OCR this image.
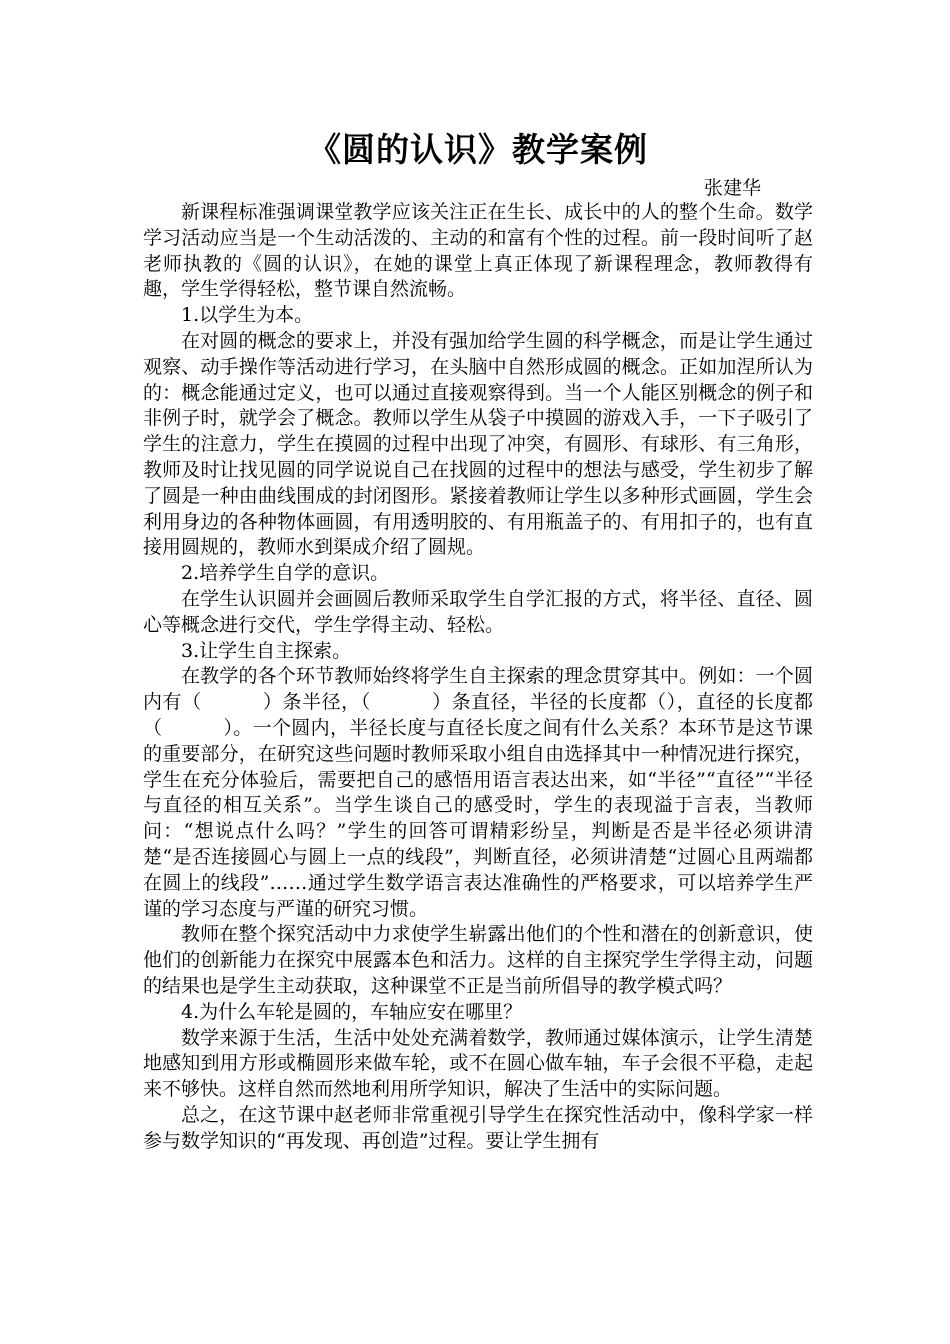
《圆的认识》教学案例

张建华

新课程标准强调课堂教学应该关注正在生长、成长中的人的整个生命。数学学习活动应当是一个生动活泼的、主动的和富有个性的过程。前一段时间听了赵老师执教的《圆的认识》，在她的课堂上真正体现了新课程理念，教师教得有趣，学生学得轻松，整节课自然流畅。

1.以学生为本。

在对圆的概念的要求上，并没有强加给学生圆的科学概念，而是让学生通过观察、动手操作等活动进行学习，在头脑中自然形成圆的概念。正如加涅所认为的：概念能通过定义，也可以通过直接观察得到。当一个人能区别概念的例子和非例子时，就学会了概念。教师以学生从袋子中摸圆的游戏入手，一下子吸引了学生的注意力，学生在摸圆的过程中出现了冲突，有圆形、有球形、有三角形，教师及时让找见圆的同学说说自己在找圆的过程中的想法与感受，学生初步了解了圆是一种由曲线围成的封闭图形。紧接着教师让学生以多种形式画圆，学生会利用身边的各种物体画圆，有用透明胶的、有用瓶盖子的、有用扣子的，也有直接用圆规的，教师水到渠成介绍了圆规。

2.培养学生自学的意识。

在学生认识圆并会画圆后教师采取学生自学汇报的方式，将半径、直径、圆心等概念进行交代，学生学得主动、轻松。

3.让学生自主探索。

在教学的各个环节教师始终将学生自主探索的理念贯穿其中。例如：一个圆内有（	）条半径，（	）条直径，半径的长度都（），直径的长度都（	）。一个圆内，半径长度与直径长度之间有什么关系？本环节是这节课的重要部分，在研究这些问题时教师采取小组自由选择其中一种情况进行探究，学生在充分体验后，需要把自己的感悟用语言表达出来，如“半径”“直径”“半径与直径的相互关系”。当学生谈自己的感受时，学生的表现溢于言表，当教师问：“想说点什么吗？”学生的回答可谓精彩纷呈，判断是否是半径必须讲清楚“是否连接圆心与圆上一点的线段”，判断直径，必须讲清楚“过圆心且两端都在圆上的线段”……通过学生数学语言表达准确性的严格要求，可以培养学生严谨的学习态度与严谨的研究习惯。

教师在整个探究活动中力求使学生崭露出他们的个性和潜在的创新意识，使他们的创新能力在探究中展露本色和活力。这样的自主探究学生学得主动，问题的结果也是学生主动获取，这种课堂不正是当前所倡导的教学模式吗？

4.为什么车轮是圆的，车轴应安在哪里？

数学来源于生活，生活中处处充满着数学，教师通过媒体演示，让学生清楚地感知到用方形或椭圆形来做车轮，或不在圆心做车轴，车子会很不平稳，走起来不够快。这样自然而然地利用所学知识，解决了生活中的实际问题。

总之，在这节课中赵老师非常重视引导学生在探究性活动中，像科学家一样参与数学知识的“再发现、再创造”过程。要让学生拥有
